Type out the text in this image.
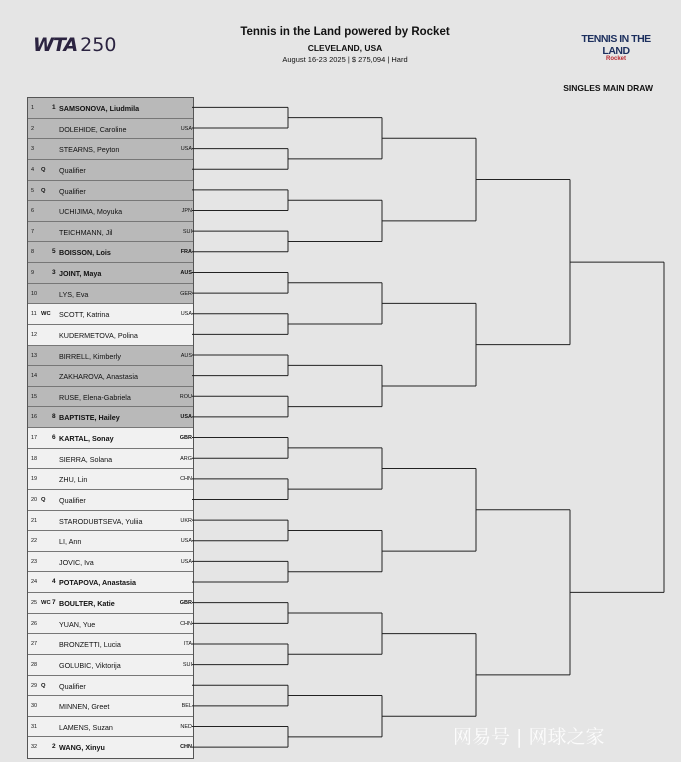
WTA 250
Tennis in the Land powered by Rocket
CLEVELAND, USA
August 16-23 2025 | $ 275,094 | Hard
TENNIS IN THE LAND
Rocket
SINGLES MAIN DRAW
1	1 SAMSONOVA, Liudmila
2	DOLEHIDE, Caroline	USA
3	STEARNS, Peyton	USA
4 Q Qualifier
5 Q Qualifier
6	UCHIJIMA, Moyuka	JPN
7	TEICHMANN, Jil	SUI
8	5 BOISSON, Lois	FRA
9	3 JOINT, Maya	AUS
10	LYS, Eva	GER
11 WC SCOTT, Katrina	USA
12	KUDERMETOVA, Polina
13	BIRRELL, Kimberly	AUS
14	ZAKHAROVA, Anastasia
15	RUSE, Elena-Gabriela	ROU
16 8 BAPTISTE, Hailey	USA
17 6 KARTAL, Sonay	GBR
18	SIERRA, Solana	ARG
19	ZHU, Lin	CHN
20 Q Qualifier
21	STARODUBTSEVA, Yuliia	UKR
22	LI, Ann	USA
23	JOVIC, Iva	USA
24 4 POTAPOVA, Anastasia
25 WC 7 BOULTER, Katie	GBR
26	YUAN, Yue	CHN
27	BRONZETTI, Lucia	ITA
28	GOLUBIC, Viktorija	SUI
29 Q Qualifier
30	MINNEN, Greet	BEL
31	LAMENS, Suzan	NED
32 2 WANG, Xinyu	CHN	网易号 | 网球之家
